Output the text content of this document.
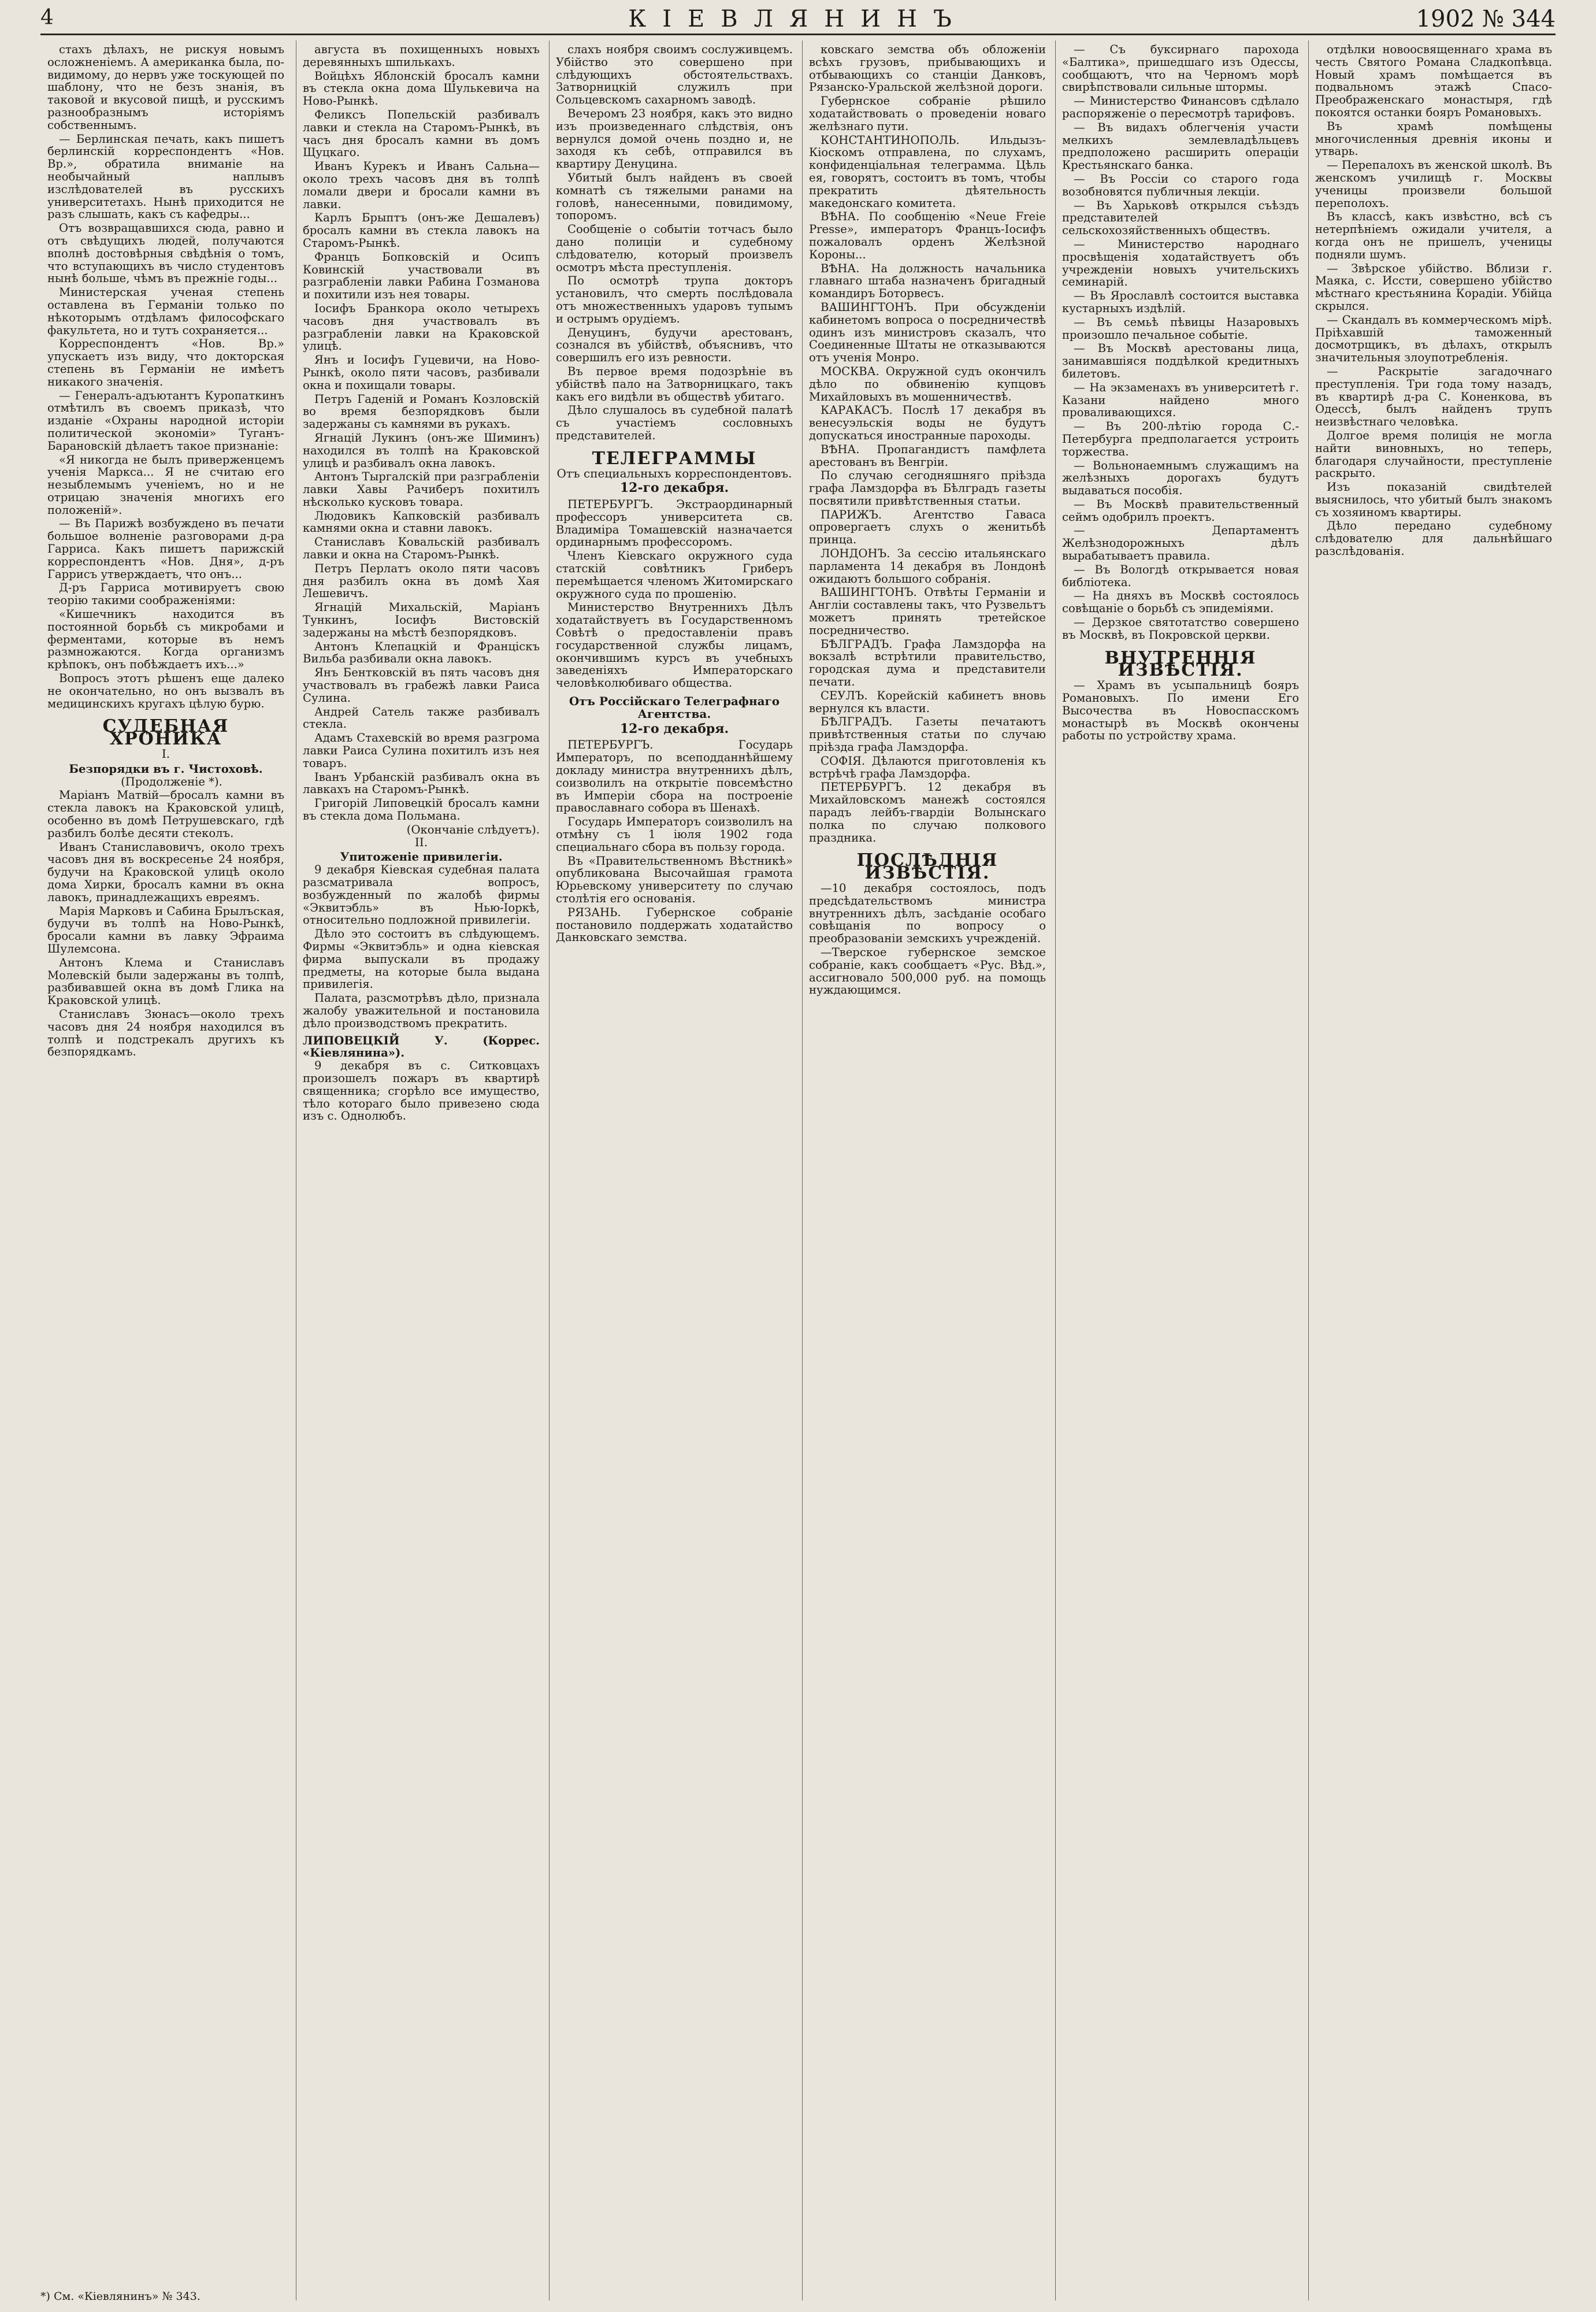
4	КІЕВЛЯНИНЪ	1902 № 344

стахъ дѣлахъ, не рискуя новымъ осложненіемъ. А американка была, по-видимому, до нервъ уже тоскующей по шаблону, что не безъ знанія, въ таковой и вкусовой пищѣ, и русскимъ разнообразнымъ исторіямъ собственнымъ.

— Берлинская печать, какъ пишетъ берлинскій корреспондентъ «Нов. Вр.», обратила вниманіе на необычайный наплывъ изслѣдователей въ русскихъ университетахъ. Нынѣ приходится не разъ слышать, какъ съ кафедры...

Отъ возвращавшихся сюда, равно и отъ свѣдущихъ людей, получаются вполнѣ достовѣрныя свѣдѣнія о томъ, что вступающихъ въ число студентовъ нынѣ больше, чѣмъ въ прежніе годы...

Министерская ученая степень оставлена въ Германіи только по нѣкоторымъ отдѣламъ философскаго факультета, но и тутъ сохраняется...

Корреспондентъ «Нов. Вр.» упускаетъ изъ виду, что докторская степень въ Германіи не имѣетъ никакого значенія.

— Генералъ-адъютантъ Куропаткинъ отмѣтилъ въ своемъ приказѣ, что изданіе «Охраны народной исторіи политической экономіи» Туганъ-Барановскій дѣлаетъ такое признаніе:

«Я никогда не былъ приверженцемъ ученія Маркса... Я не считаю его незыблемымъ ученіемъ, но и не отрицаю значенія многихъ его положеній».

— Въ Парижѣ возбуждено въ печати большое волненіе разговорами д-ра Гарриса. Какъ пишетъ парижскій корреспондентъ «Нов. Дня», д-ръ Гаррисъ утверждаетъ, что онъ...

Д-ръ Гарриса мотивируетъ свою теорію такими соображеніями:

«Кишечникъ находится въ постоянной борьбѣ съ микробами и ферментами, которые въ немъ размножаются. Когда организмъ крѣпокъ, онъ побѣждаетъ ихъ...»

Вопросъ этотъ рѣшенъ еще далеко не окончательно, но онъ вызвалъ въ медицинскихъ кругахъ цѣлую бурю.

СУДЕБНАЯ ХРОНИКА
I.
Безпорядки въ г. Чистоховѣ.

(Продолженіе *).

Маріанъ Матвій—бросалъ камни въ стекла лавокъ на Краковской улицѣ, особенно въ домѣ Петрушевскаго, гдѣ разбилъ болѣе десяти стеколъ.

Иванъ Станиславовичъ, около трехъ часовъ дня въ воскресенье 24 ноября, будучи на Краковской улицѣ около дома Хирки, бросалъ камни въ окна лавокъ, принадлежащихъ евреямъ.

Марія Марковъ и Сабина Брылъская, будучи въ толпѣ на Ново-Рынкѣ, бросали камни въ лавку Эфраима Шулемсона.

Антонъ Клема и Станиславъ Молевскій были задержаны въ толпѣ, разбивавшей окна въ домѣ Глика на Краковской улицѣ.

Станиславъ Зюнасъ—около трехъ часовъ дня 24 ноября находился въ толпѣ и подстрекалъ другихъ къ безпорядкамъ.

августа въ похищенныхъ новыхъ деревянныхъ шпилькахъ.

Войцѣхъ Яблонскій бросалъ камни въ стекла окна дома Шулькевича на Ново-Рынкѣ.

Феликсъ Попельскій разбивалъ лавки и стекла на Старомъ-Рынкѣ, въ часъ дня бросалъ камни въ домъ Щуцкаго.

Иванъ Курекъ и Иванъ Сальна—около трехъ часовъ дня въ толпѣ ломали двери и бросали камни въ лавки.

Карлъ Брыптъ (онъ-же Дешалевъ) бросалъ камни въ стекла лавокъ на Старомъ-Рынкѣ.

Францъ Бопковскій и Осипъ Ковинскій участвовали въ разграбленіи лавки Рабина Гозманова и похитили изъ нея товары.

Іосифъ Бранкора около четырехъ часовъ дня участвовалъ въ разграбленіи лавки на Краковской улицѣ.

Янъ и Іосифъ Гуцевичи, на Ново-Рынкѣ, около пяти часовъ, разбивали окна и похищали товары.

Петръ Гаденій и Романъ Козловскій во время безпорядковъ были задержаны съ камнями въ рукахъ.

Ягнацій Лукинъ (онъ-же Шиминъ) находился въ толпѣ на Краковской улицѣ и разбивалъ окна лавокъ.

Антонъ Тыргалскій при разграбленіи лавки Хавы Рачиберъ похитилъ нѣсколько кусковъ товара.

Людовикъ Капковскій разбивалъ камнями окна и ставни лавокъ.

Станиславъ Ковальскій разбивалъ лавки и окна на Старомъ-Рынкѣ.

Петръ Перлатъ около пяти часовъ дня разбилъ окна въ домѣ Хая Лешевичъ.

Ягнацій Михальскій, Маріанъ Тункинъ, Іосифъ Вистовскій задержаны на мѣстѣ безпорядковъ.

Антонъ Клепацкій и Франціскъ Вильба разбивали окна лавокъ.

Янъ Бентковскій въ пять часовъ дня участвовалъ въ грабежѣ лавки Раиса Сулина.

Андрей Сатель также разбивалъ стекла.

Адамъ Стахевскій во время разгрома лавки Раиса Сулина похитилъ изъ нея товаръ.

Іванъ Урбанскій разбивалъ окна въ лавкахъ на Старомъ-Рынкѣ.

Григорій Липовецкій бросалъ камни въ стекла дома Польмана.

(Окончаніе слѣдуетъ).
II.
Упитоженіе привилегіи.

9 декабря Кіевская судебная палата разсматривала вопросъ, возбужденный по жалобѣ фирмы «Эквитэбль» въ Нью-Іоркѣ, относительно подложной привилегіи.

Дѣло это состоитъ въ слѣдующемъ. Фирмы «Эквитэбль» и одна кіевская фирма выпускали въ продажу предметы, на которые была выдана привилегія.

Палата, разсмотрѣвъ дѣло, признала жалобу уважительной и постановила дѣло производствомъ прекратить.

ЛИПОВЕЦКІЙ У. (Коррес. «Кіевлянина»).

9 декабря въ с. Ситковцахъ произошелъ пожаръ въ квартирѣ священника; сгорѣло все имущество, тѣло котораго было привезено сюда изъ с. Однолюбъ.

слахъ ноября своимъ сослуживцемъ. Убійство это совершено при слѣдующихъ обстоятельствахъ. Затворницкій служилъ при Сольцевскомъ сахарномъ заводѣ.

Вечеромъ 23 ноября, какъ это видно изъ произведеннаго слѣдствія, онъ вернулся домой очень поздно и, не заходя къ себѣ, отправился въ квартиру Денуцина.

Убитый былъ найденъ въ своей комнатѣ съ тяжелыми ранами на головѣ, нанесенными, повидимому, топоромъ.

Сообщеніе о событіи тотчасъ было дано полиціи и судебному слѣдователю, который произвелъ осмотръ мѣста преступленія.

По осмотрѣ трупа докторъ установилъ, что смерть послѣдовала отъ множественныхъ ударовъ тупымъ и острымъ орудіемъ.

Денуцинъ, будучи арестованъ, сознался въ убійствѣ, объяснивъ, что совершилъ его изъ ревности.

Въ первое время подозрѣніе въ убійствѣ пало на Затворницкаго, такъ какъ его видѣли въ обществѣ убитаго.

Дѣло слушалось въ судебной палатѣ съ участіемъ сословныхъ представителей.

ТЕЛЕГРАММЫ
Отъ специальныхъ корреспондентовъ.
12-го декабря.

ПЕТЕРБУРГЪ. Экстраординарный профессоръ университета св. Владиміра Томашевскій назначается ординарнымъ профессоромъ.

Членъ Кіевскаго окружного суда статскій совѣтникъ Гриберъ перемѣщается членомъ Житомирскаго окружного суда по прошенію.

Министерство Внутреннихъ Дѣлъ ходатайствуетъ въ Государственномъ Совѣтѣ о предоставленіи правъ государственной службы лицамъ, окончившимъ курсъ въ учебныхъ заведеніяхъ Императорскаго человѣколюбиваго общества.

Отъ Россійскаго Телеграфнаго Агентства.
12-го декабря.

ПЕТЕРБУРГЪ. Государь Императоръ, по всеподданнѣйшему докладу министра внутреннихъ дѣлъ, соизволилъ на открытіе повсемѣстно въ Имперіи сбора на построеніе православнаго собора въ Шенахѣ.

Государь Императоръ соизволилъ на отмѣну съ 1 іюля 1902 года специальнаго сбора въ пользу города.

Въ «Правительственномъ Вѣстникѣ» опубликована Высочайшая грамота Юрьевскому университету по случаю столѣтія его основанія.

РЯЗАНЬ. Губернское собраніе постановило поддержать ходатайство Данковскаго земства.

ковскаго земства объ обложеніи всѣхъ грузовъ, прибывающихъ и отбывающихъ со станціи Данковъ, Рязанско-Уральской желѣзной дороги.

Губернское собраніе рѣшило ходатайствовать о проведеніи новаго желѣзнаго пути.

КОНСТАНТИНОПОЛЬ. Ильдызъ-Кіоскомъ отправлена, по слухамъ, конфиденціальная телеграмма. Цѣль ея, говорятъ, состоитъ въ томъ, чтобы прекратить дѣятельность македонскаго комитета.

ВѢНА. По сообщенію «Neue Freie Presse», императоръ Францъ-Іосифъ пожаловалъ орденъ Желѣзной Короны...

ВѢНА. На должность начальника главнаго штаба назначенъ бригадный командиръ Боторвесъ.

ВАШИНГТОНЪ. При обсужденіи кабинетомъ вопроса о посредничествѣ одинъ изъ министровъ сказалъ, что Соединенные Штаты не отказываются отъ ученія Монро.

МОСКВА. Окружной судъ окончилъ дѣло по обвиненію купцовъ Михайловыхъ въ мошенничествѣ.

КАРАКАСЪ. Послѣ 17 декабря въ венесуэльскія воды не будутъ допускаться иностранные пароходы.

ВѢНА. Пропагандистъ памфлета арестованъ въ Венгріи.

По случаю сегодняшняго пріѣзда графа Ламздорфа въ Бѣлградъ газеты посвятили привѣтственныя статьи.

ПАРИЖЪ. Агентство Гаваса опровергаетъ слухъ о женитьбѣ принца.

ЛОНДОНЪ. За сессію итальянскаго парламента 14 декабря въ Лондонѣ ожидаютъ большого собранія.

ВАШИНГТОНЪ. Отвѣты Германіи и Англіи составлены такъ, что Рузвельтъ можетъ принять третейское посредничество.

БѢЛГРАДЪ. Графа Ламздорфа на вокзалѣ встрѣтили правительство, городская дума и представители печати.

СЕУЛЪ. Корейскій кабинетъ вновь вернулся къ власти.

БѢЛГРАДЪ. Газеты печатаютъ привѣтственныя статьи по случаю пріѣзда графа Ламздорфа.

СОФІЯ. Дѣлаются приготовленія къ встрѣчѣ графа Ламздорфа.

ПЕТЕРБУРГЪ. 12 декабря въ Михайловскомъ манежѣ состоялся парадъ лейбъ-гвардіи Волынскаго полка по случаю полкового праздника.

ПОСЛѢДНІЯ ИЗВѢСТІЯ.

—10 декабря состоялось, подъ предсѣдательствомъ министра внутреннихъ дѣлъ, засѣданіе особаго совѣщанія по вопросу о преобразованіи земскихъ учрежденій.

—Тверское губернское земское собраніе, какъ сообщаетъ «Рус. Вѣд.», ассигновало 500,000 руб. на помощь нуждающимся.

— Съ буксирнаго парохода «Балтика», пришедшаго изъ Одессы, сообщаютъ, что на Черномъ морѣ свирѣпствовали сильные штормы.

— Министерство Финансовъ сдѣлало распоряженіе о пересмотрѣ тарифовъ.

— Въ видахъ облегченія участи мелкихъ землевладѣльцевъ предположено расширить операціи Крестьянскаго банка.

— Въ Россіи со старого года возобновятся публичныя лекціи.

— Въ Харьковѣ открылся съѣздъ представителей сельскохозяйственныхъ обществъ.

— Министерство народнаго просвѣщенія ходатайствуетъ объ учрежденіи новыхъ учительскихъ семинарій.

— Въ Ярославлѣ состоится выставка кустарныхъ издѣлій.

— Въ семьѣ пѣвицы Назаровыхъ произошло печальное событіе.

— Въ Москвѣ арестованы лица, занимавшіяся поддѣлкой кредитныхъ билетовъ.

— На экзаменахъ въ университетѣ г. Казани найдено много проваливающихся.

— Въ 200-лѣтію города С.-Петербурга предполагается устроить торжества.

— Вольнонаемнымъ служащимъ на желѣзныхъ дорогахъ будутъ выдаваться пособія.

— Въ Москвѣ правительственный сеймъ одобрилъ проектъ.

— Департаментъ Желѣзнодорожныхъ дѣлъ вырабатываетъ правила.

— Въ Вологдѣ открывается новая библіотека.

— На дняхъ въ Москвѣ состоялось совѣщаніе о борьбѣ съ эпидеміями.

— Дерзкое святотатство совершено въ Москвѣ, въ Покровской церкви.

ВНУТРЕННІЯ ИЗВѢСТІЯ.

— Храмъ въ усыпальницѣ бояръ Романовыхъ. По имени Его Высочества въ Новоспасскомъ монастырѣ въ Москвѣ окончены работы по устройству храма.

отдѣлки новоосвященнаго храма въ честь Святого Романа Сладкопѣвца. Новый храмъ помѣщается въ подвальномъ этажѣ Спасо-Преображенскаго монастыря, гдѣ покоятся останки бояръ Романовыхъ.

Въ храмѣ помѣщены многочисленныя древнія иконы и утварь.

— Перепалохъ въ женской школѣ. Въ женскомъ училищѣ г. Москвы ученицы произвели большой переполохъ.

Въ классѣ, какъ извѣстно, всѣ съ нетерпѣніемъ ожидали учителя, а когда онъ не пришелъ, ученицы подняли шумъ.

— Звѣрское убійство. Вблизи г. Маяка, с. Иссти, совершено убійство мѣстнаго крестьянина Корадіи. Убійца скрылся.

— Скандалъ въ коммерческомъ мірѣ. Пріѣхавшій таможенный досмотрщикъ, въ дѣлахъ, открылъ значительныя злоупотребленія.

— Раскрытіе загадочнаго преступленія. Три года тому назадъ, въ квартирѣ д-ра С. Коненкова, въ Одессѣ, былъ найденъ трупъ неизвѣстнаго человѣка.

Долгое время полиція не могла найти виновныхъ, но теперь, благодаря случайности, преступленіе раскрыто.

Изъ показаній свидѣтелей выяснилось, что убитый былъ знакомъ съ хозяиномъ квартиры.

Дѣло передано судебному слѣдователю для дальнѣйшаго разслѣдованія.

*) См. «Кіевлянинъ» № 343.
